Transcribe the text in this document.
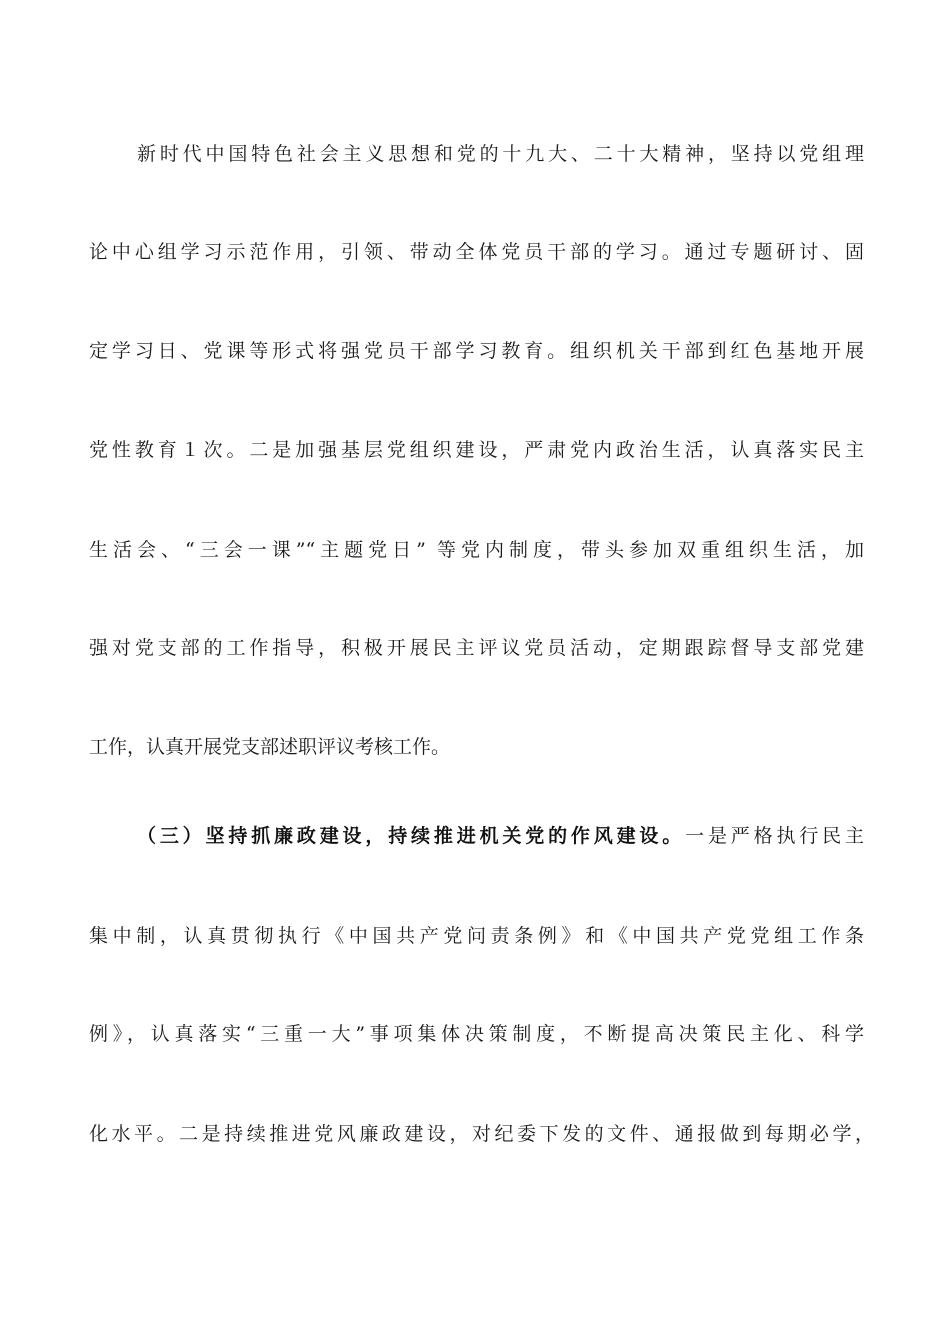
新时代中国特色社会主义思想和党的十九大、二十大精神，坚持以党组理
论中心组学习示范作用，引领、带动全体党员干部的学习。通过专题研讨、固
定学习日、党课等形式将强党员干部学习教育。组织机关干部到红色基地开展
党性教育１次。二是加强基层党组织建设，严肃党内政治生活，认真落实民主
生活会、“三会一课”“主题党日” 等党内制度，带头参加双重组织生活，加
强对党支部的工作指导，积极开展民主评议党员活动，定期跟踪督导支部党建
工作，认真开展党支部述职评议考核工作。
（三）坚持抓廉政建设，持续推进机关党的作风建设。一是严格执行民主
集中制，认真贯彻执行《中国共产党问责条例》和《中国共产党党组工作条
例》，认真落实“三重一大”事项集体决策制度，不断提高决策民主化、科学
化水平。二是持续推进党风廉政建设，对纪委下发的文件、通报做到每期必学，
